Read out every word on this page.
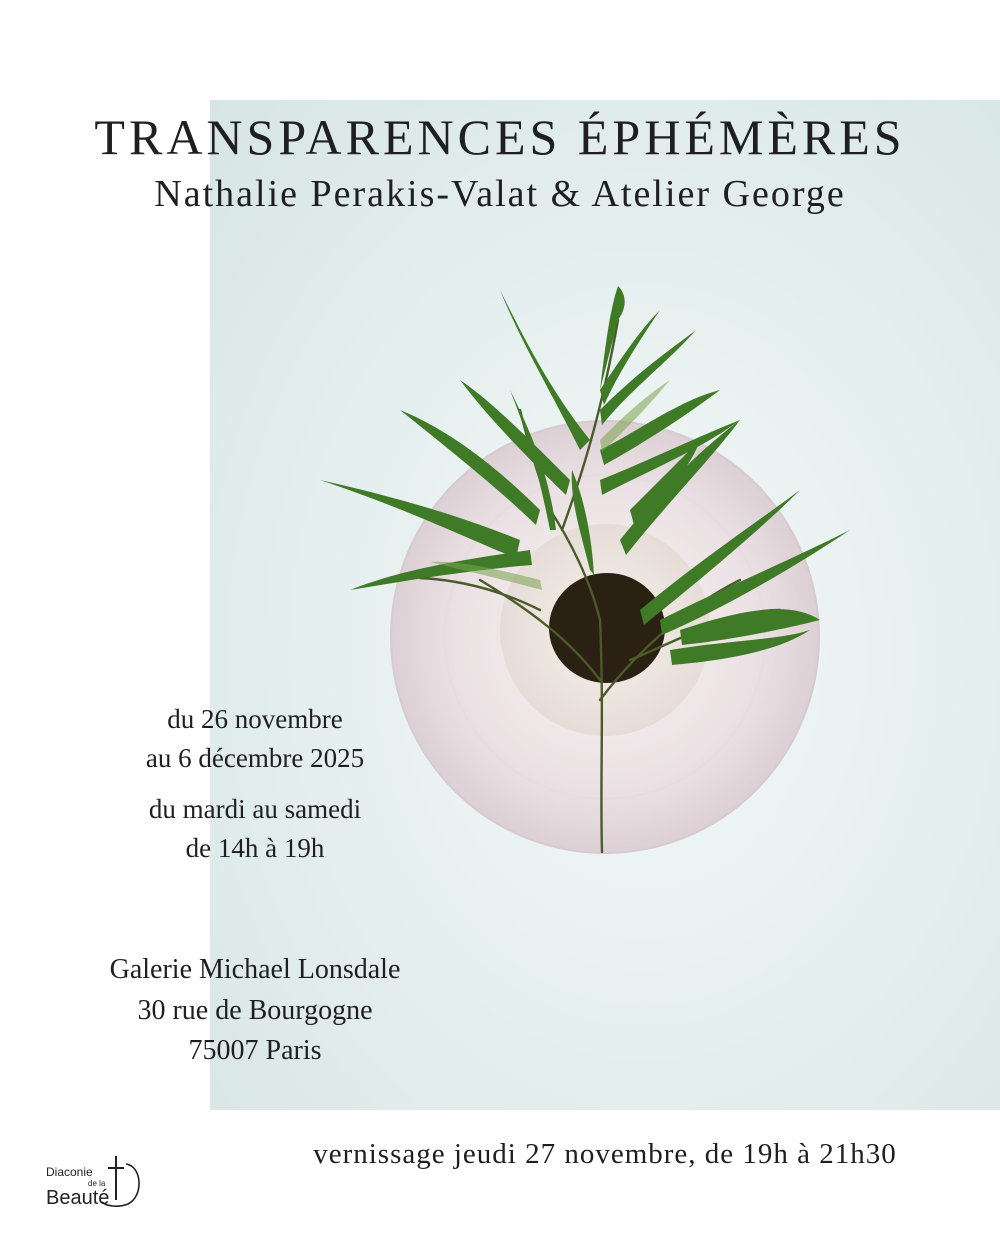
TRANSPARENCES ÉPHÉMÈRES
Nathalie Perakis-Valat & Atelier George
du 26 novembre
au 6 décembre 2025
du mardi au samedi
de 14h à 19h
Galerie Michael Lonsdale
30 rue de Bourgogne
75007 Paris
vernissage jeudi 27 novembre, de 19h à 21h30
Diaconie
de la
Beauté
